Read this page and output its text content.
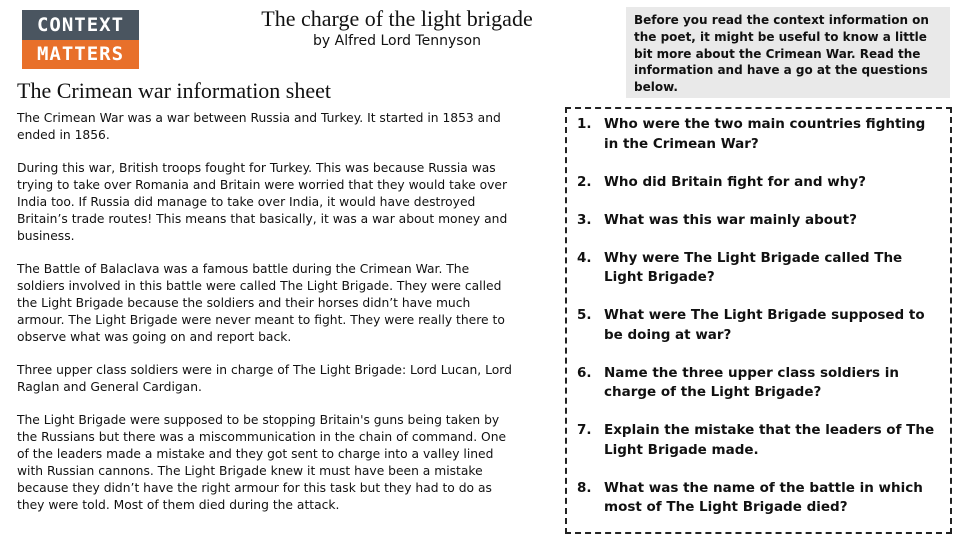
CONTEXT
MATTERS
The charge of the light brigade
by Alfred Lord Tennyson
Before you read the context information on the poet, it might be useful to know a little bit more about the Crimean War. Read the information and have a go at the questions below.
The Crimean war information sheet

The Crimean War was a war between Russia and Turkey. It started in 1853 and ended in 1856.

During this war, British troops fought for Turkey. This was because Russia was trying to take over Romania and Britain were worried that they would take over India too. If Russia did manage to take over India, it would have destroyed Britain’s trade routes! This means that basically, it was a war about money and business.

The Battle of Balaclava was a famous battle during the Crimean War. The soldiers involved in this battle were called The Light Brigade. They were called the Light Brigade because the soldiers and their horses didn’t have much armour. The Light Brigade were never meant to fight. They were really there to observe what was going on and report back.

Three upper class soldiers were in charge of The Light Brigade: Lord Lucan, Lord Raglan and General Cardigan.

The Light Brigade were supposed to be stopping Britain's guns being taken by the Russians but there was a miscommunication in the chain of command. One of the leaders made a mistake and they got sent to charge into a valley lined with Russian cannons. The Light Brigade knew it must have been a mistake because they didn’t have the right armour for this task but they had to do as they were told. Most of them died during the attack.

1. Who were the two main countries fighting in the Crimean War?
2. Who did Britain fight for and why?
3. What was this war mainly about?
4. Why were The Light Brigade called The Light Brigade?
5. What were The Light Brigade supposed to be doing at war?
6. Name the three upper class soldiers in charge of the Light Brigade?
7. Explain the mistake that the leaders of The Light Brigade made.
8. What was the name of the battle in which most of The Light Brigade died?
